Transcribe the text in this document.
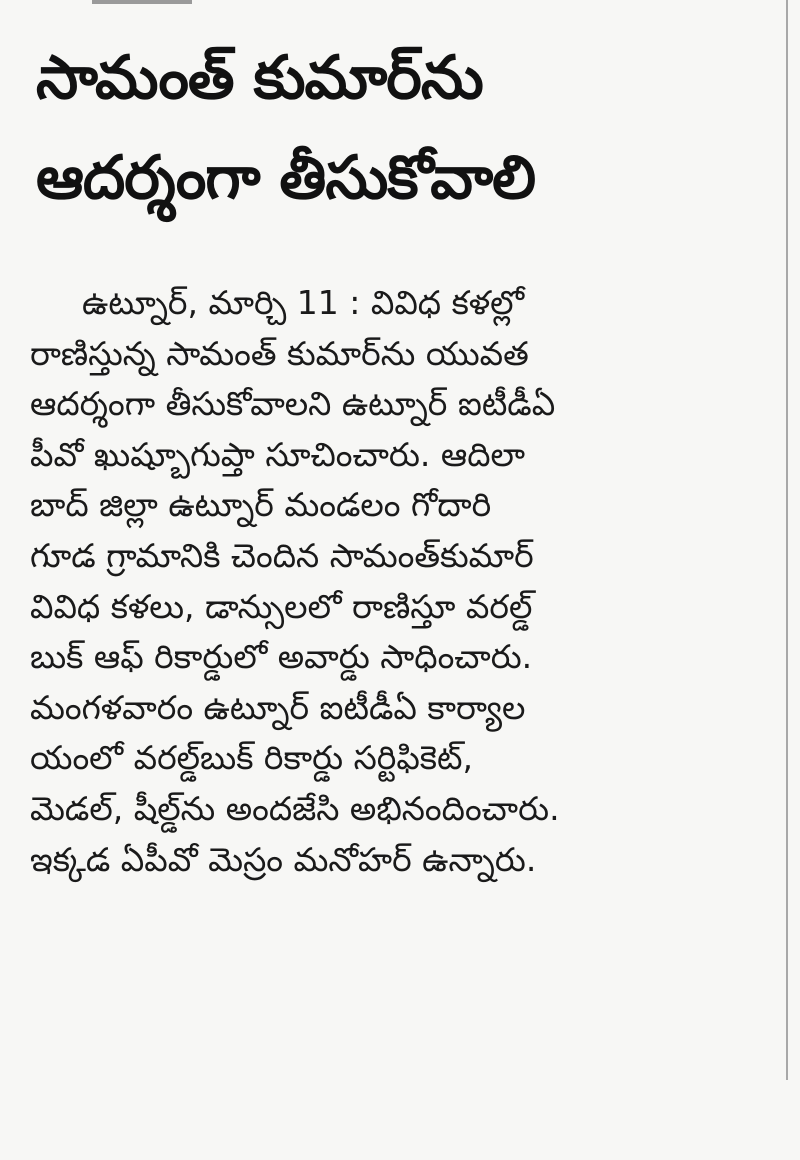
సామంత్ కుమార్‌ను
ఆదర్శంగా తీసుకోవాలి
ఉట్నూర్, మార్చి 11 : వివిధ కళల్లో
రాణిస్తున్న సామంత్ కుమార్‌ను యువత
ఆదర్శంగా తీసుకోవాలని ఉట్నూర్ ఐటీడీఏ
పీవో ఖుష్బూగుప్తా సూచించారు. ఆదిలా
బాద్ జిల్లా ఉట్నూర్ మండలం గోదారి
గూడ గ్రామానికి చెందిన సామంత్‌కుమార్
వివిధ కళలు, డాన్సులలో రాణిస్తూ వరల్డ్
బుక్ ఆఫ్ రికార్డులో అవార్డు సాధించారు.
మంగళవారం ఉట్నూర్ ఐటీడీఏ కార్యాల
యంలో వరల్డ్‌బుక్ రికార్డు సర్టిఫికెట్,
మెడల్, షీల్డ్‌ను అందజేసి అభినందించారు.
ఇక్కడ ఏపీవో మెస్రం మనోహర్ ఉన్నారు.
